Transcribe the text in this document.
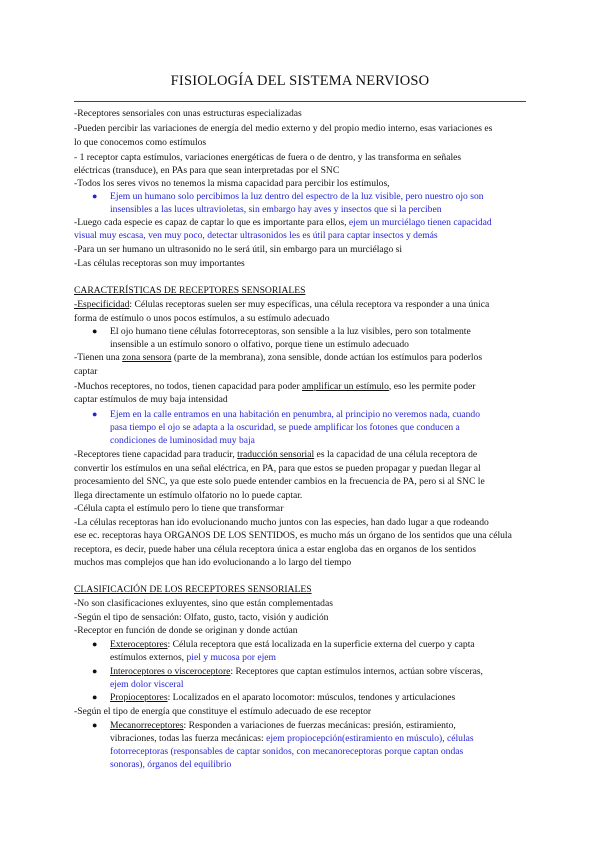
FISIOLOGÍA DEL SISTEMA NERVIOSO
-Receptores sensoriales con unas estructuras especializadas
-Pueden percibir las variaciones de energía del medio externo y del propio medio interno, esas variaciones es
lo que conocemos como estímulos
- 1 receptor capta estímulos, variaciones energéticas de fuera o de dentro, y las transforma en señales
eléctricas (transduce), en PAs para que sean interpretadas por el SNC
-Todos los seres vivos no tenemos la misma capacidad para percibir los estímulos,
● Ejem un humano solo percibimos la luz dentro del espectro de la luz visible, pero nuestro ojo son
insensibles a las luces ultravioletas, sin embargo hay aves y insectos que si la perciben
-Luego cada especie es capaz de captar lo que es importante para ellos, ejem un murciélago tienen capacidad
visual muy escasa, ven muy poco, detectar ultrasonidos les es útil para captar insectos y demás
-Para un ser humano un ultrasonido no le será útil, sin embargo para un murciélago si
-Las células receptoras son muy importantes
CARACTERÍSTICAS DE RECEPTORES SENSORIALES
-Especificidad: Células receptoras suelen ser muy específicas, una célula receptora va responder a una única
forma de estímulo o unos pocos estímulos, a su estímulo adecuado
● El ojo humano tiene células fotorreceptoras, son sensible a la luz visibles, pero son totalmente
insensible a un estímulo sonoro o olfativo, porque tiene un estímulo adecuado
-Tienen una zona sensora (parte de la membrana), zona sensible, donde actúan los estímulos para poderlos
captar
-Muchos receptores, no todos, tienen capacidad para poder amplificar un estímulo, eso les permite poder
captar estímulos de muy baja intensidad
● Ejem en la calle entramos en una habitación en penumbra, al principio no veremos nada, cuando
pasa tiempo el ojo se adapta a la oscuridad, se puede amplificar los fotones que conducen a
condiciones de luminosidad muy baja
-Receptores tiene capacidad para traducir, traducción sensorial es la capacidad de una célula receptora de
convertir los estímulos en una señal eléctrica, en PA, para que estos se pueden propagar y puedan llegar al
procesamiento del SNC, ya que este solo puede entender cambios en la frecuencia de PA, pero si al SNC le
llega directamente un estímulo olfatorio no lo puede captar.
-Célula capta el estímulo pero lo tiene que transformar
-La células receptoras han ido evolucionando mucho juntos con las especies, han dado lugar a que rodeando
ese ec. receptoras haya ORGANOS DE LOS SENTIDOS, es mucho más un órgano de los sentidos que una célula
receptora, es decir, puede haber una célula receptora única a estar engloba das en organos de los sentidos
muchos mas complejos que han ido evolucionando a lo largo del tiempo
CLASIFICACIÓN DE LOS RECEPTORES SENSORIALES
-No son clasificaciones exluyentes, sino que están complementadas
-Según el tipo de sensación: Olfato, gusto, tacto, visión y audición
-Receptor en función de donde se originan y donde actúan
● Exteroceptores: Célula receptora que está localizada en la superficie externa del cuerpo y capta
estímulos externos, piel y mucosa por ejem
● Interoceptores o visceroceptore: Receptores que captan estímulos internos, actúan sobre vísceras,
ejem dolor visceral
● Propioceptores: Localizados en el aparato locomotor: músculos, tendones y articulaciones
-Según el tipo de energía que constituye el estímulo adecuado de ese receptor
● Mecanorreceptores: Responden a variaciones de fuerzas mecánicas: presión, estiramiento,
vibraciones, todas las fuerza mecánicas: ejem propiocepción(estiramiento en músculo), células
fotorreceptoras (responsables de captar sonidos, con mecanoreceptoras porque captan ondas
sonoras), órganos del equilibrio
